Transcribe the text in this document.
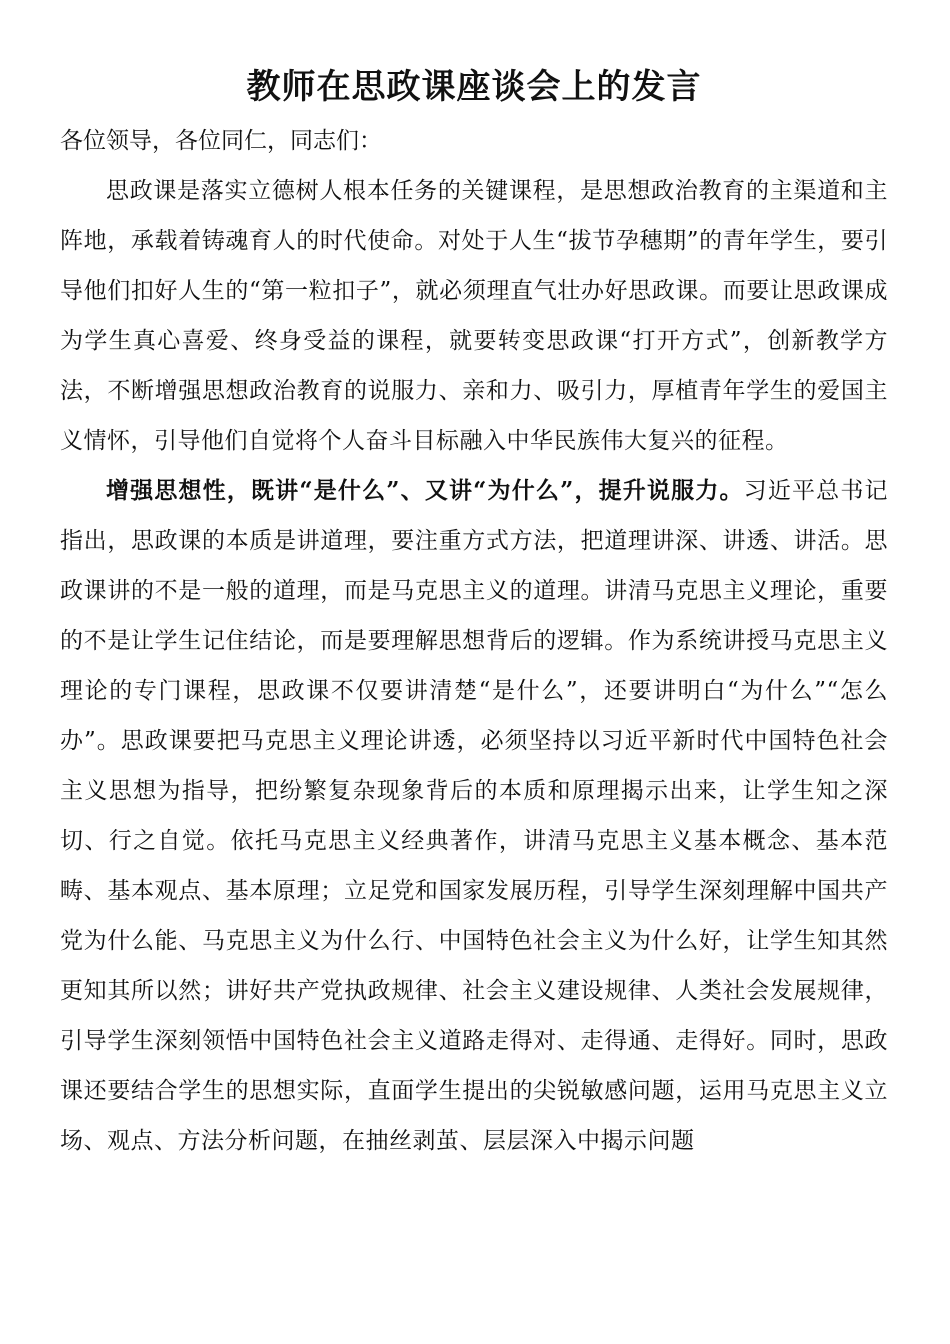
教师在思政课座谈会上的发言

各位领导，各位同仁，同志们：

思政课是落实立德树人根本任务的关键课程，是思想政治教育的主渠道和主阵地，承载着铸魂育人的时代使命。对处于人生“拔节孕穗期”的青年学生，要引导他们扣好人生的“第一粒扣子”，就必须理直气壮办好思政课。而要让思政课成为学生真心喜爱、终身受益的课程，就要转变思政课“打开方式”，创新教学方法，不断增强思想政治教育的说服力、亲和力、吸引力，厚植青年学生的爱国主义情怀，引导他们自觉将个人奋斗目标融入中华民族伟大复兴的征程。

增强思想性，既讲“是什么”、又讲“为什么”，提升说服力。习近平总书记指出，思政课的本质是讲道理，要注重方式方法，把道理讲深、讲透、讲活。思政课讲的不是一般的道理，而是马克思主义的道理。讲清马克思主义理论，重要的不是让学生记住结论，而是要理解思想背后的逻辑。作为系统讲授马克思主义理论的专门课程，思政课不仅要讲清楚“是什么”，还要讲明白“为什么”“怎么办”。思政课要把马克思主义理论讲透，必须坚持以习近平新时代中国特色社会主义思想为指导，把纷繁复杂现象背后的本质和原理揭示出来，让学生知之深切、行之自觉。依托马克思主义经典著作，讲清马克思主义基本概念、基本范畴、基本观点、基本原理；立足党和国家发展历程，引导学生深刻理解中国共产党为什么能、马克思主义为什么行、中国特色社会主义为什么好，让学生知其然更知其所以然；讲好共产党执政规律、社会主义建设规律、人类社会发展规律，引导学生深刻领悟中国特色社会主义道路走得对、走得通、走得好。同时，思政课还要结合学生的思想实际，直面学生提出的尖锐敏感问题，运用马克思主义立场、观点、方法分析问题，在抽丝剥茧、层层深入中揭示问题
